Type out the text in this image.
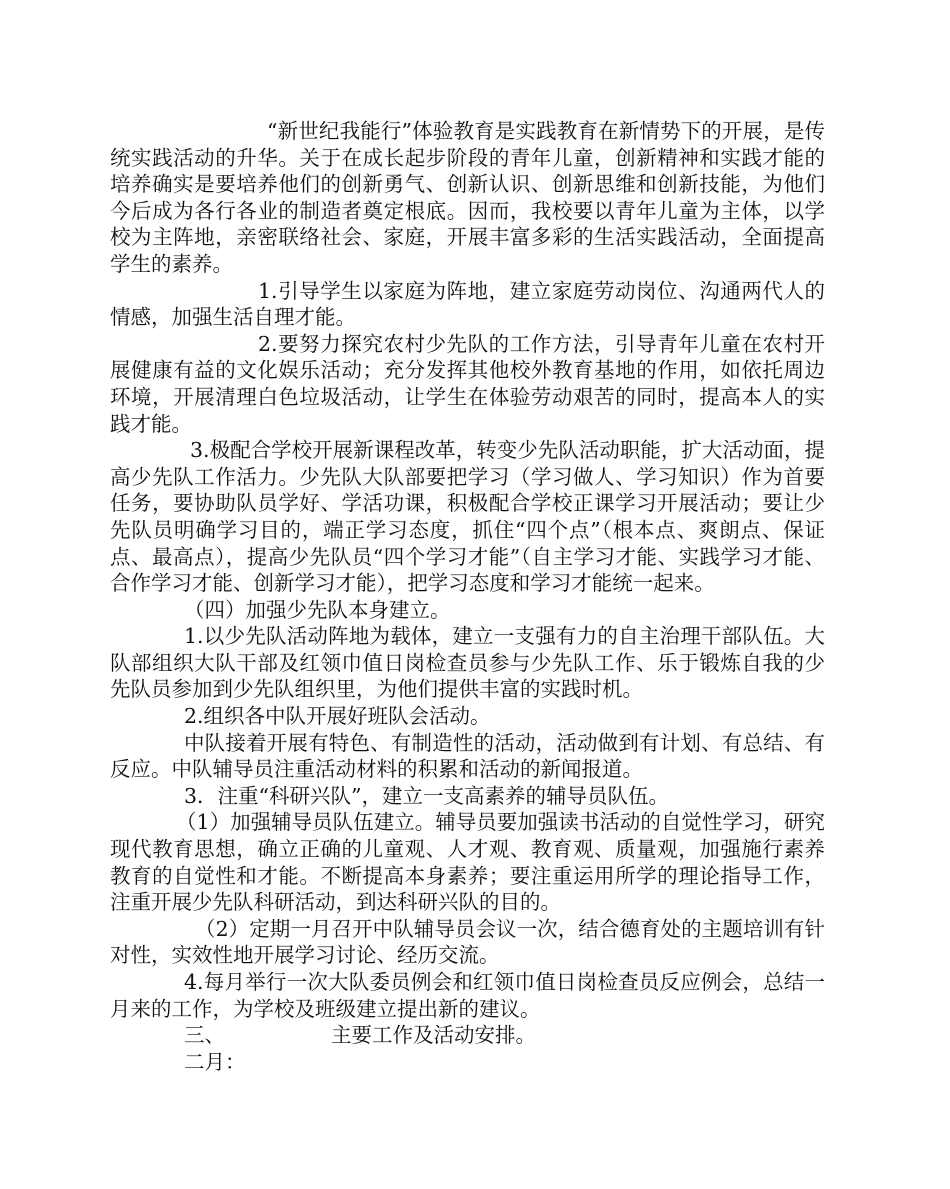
“新世纪我能行”体验教育是实践教育在新情势下的开展，是传统实践活动的升华。关于在成长起步阶段的青年儿童，创新精神和实践才能的培养确实是要培养他们的创新勇气、创新认识、创新思维和创新技能，为他们今后成为各行各业的制造者奠定根底。因而，我校要以青年儿童为主体，以学校为主阵地，亲密联络社会、家庭，开展丰富多彩的生活实践活动，全面提高学生的素养。

1.引导学生以家庭为阵地，建立家庭劳动岗位、沟通两代人的情感，加强生活自理才能。

2.要努力探究农村少先队的工作方法，引导青年儿童在农村开展健康有益的文化娱乐活动；充分发挥其他校外教育基地的作用，如依托周边环境，开展清理白色垃圾活动，让学生在体验劳动艰苦的同时，提高本人的实践才能。

3.极配合学校开展新课程改革，转变少先队活动职能，扩大活动面，提高少先队工作活力。少先队大队部要把学习（学习做人、学习知识）作为首要任务，要协助队员学好、学活功课，积极配合学校正课学习开展活动；要让少先队员明确学习目的，端正学习态度，抓住“四个点”（根本点、爽朗点、保证点、最高点），提高少先队员“四个学习才能”（自主学习才能、实践学习才能、合作学习才能、创新学习才能），把学习态度和学习才能统一起来。

（四）加强少先队本身建立。

1.以少先队活动阵地为载体，建立一支强有力的自主治理干部队伍。大队部组织大队干部及红领巾值日岗检查员参与少先队工作、乐于锻炼自我的少先队员参加到少先队组织里，为他们提供丰富的实践时机。

2.组织各中队开展好班队会活动。

中队接着开展有特色、有制造性的活动，活动做到有计划、有总结、有反应。中队辅导员注重活动材料的积累和活动的新闻报道。

3．注重“科研兴队”，建立一支高素养的辅导员队伍。

（1）加强辅导员队伍建立。辅导员要加强读书活动的自觉性学习，研究现代教育思想，确立正确的儿童观、人才观、教育观、质量观，加强施行素养教育的自觉性和才能。不断提高本身素养；要注重运用所学的理论指导工作，注重开展少先队科研活动，到达科研兴队的目的。

（2）定期一月召开中队辅导员会议一次，结合德育处的主题培训有针对性，实效性地开展学习讨论、经历交流。

4.每月举行一次大队委员例会和红领巾值日岗检查员反应例会，总结一月来的工作，为学校及班级建立提出新的建议。

三、	主要工作及活动安排。

二月：
